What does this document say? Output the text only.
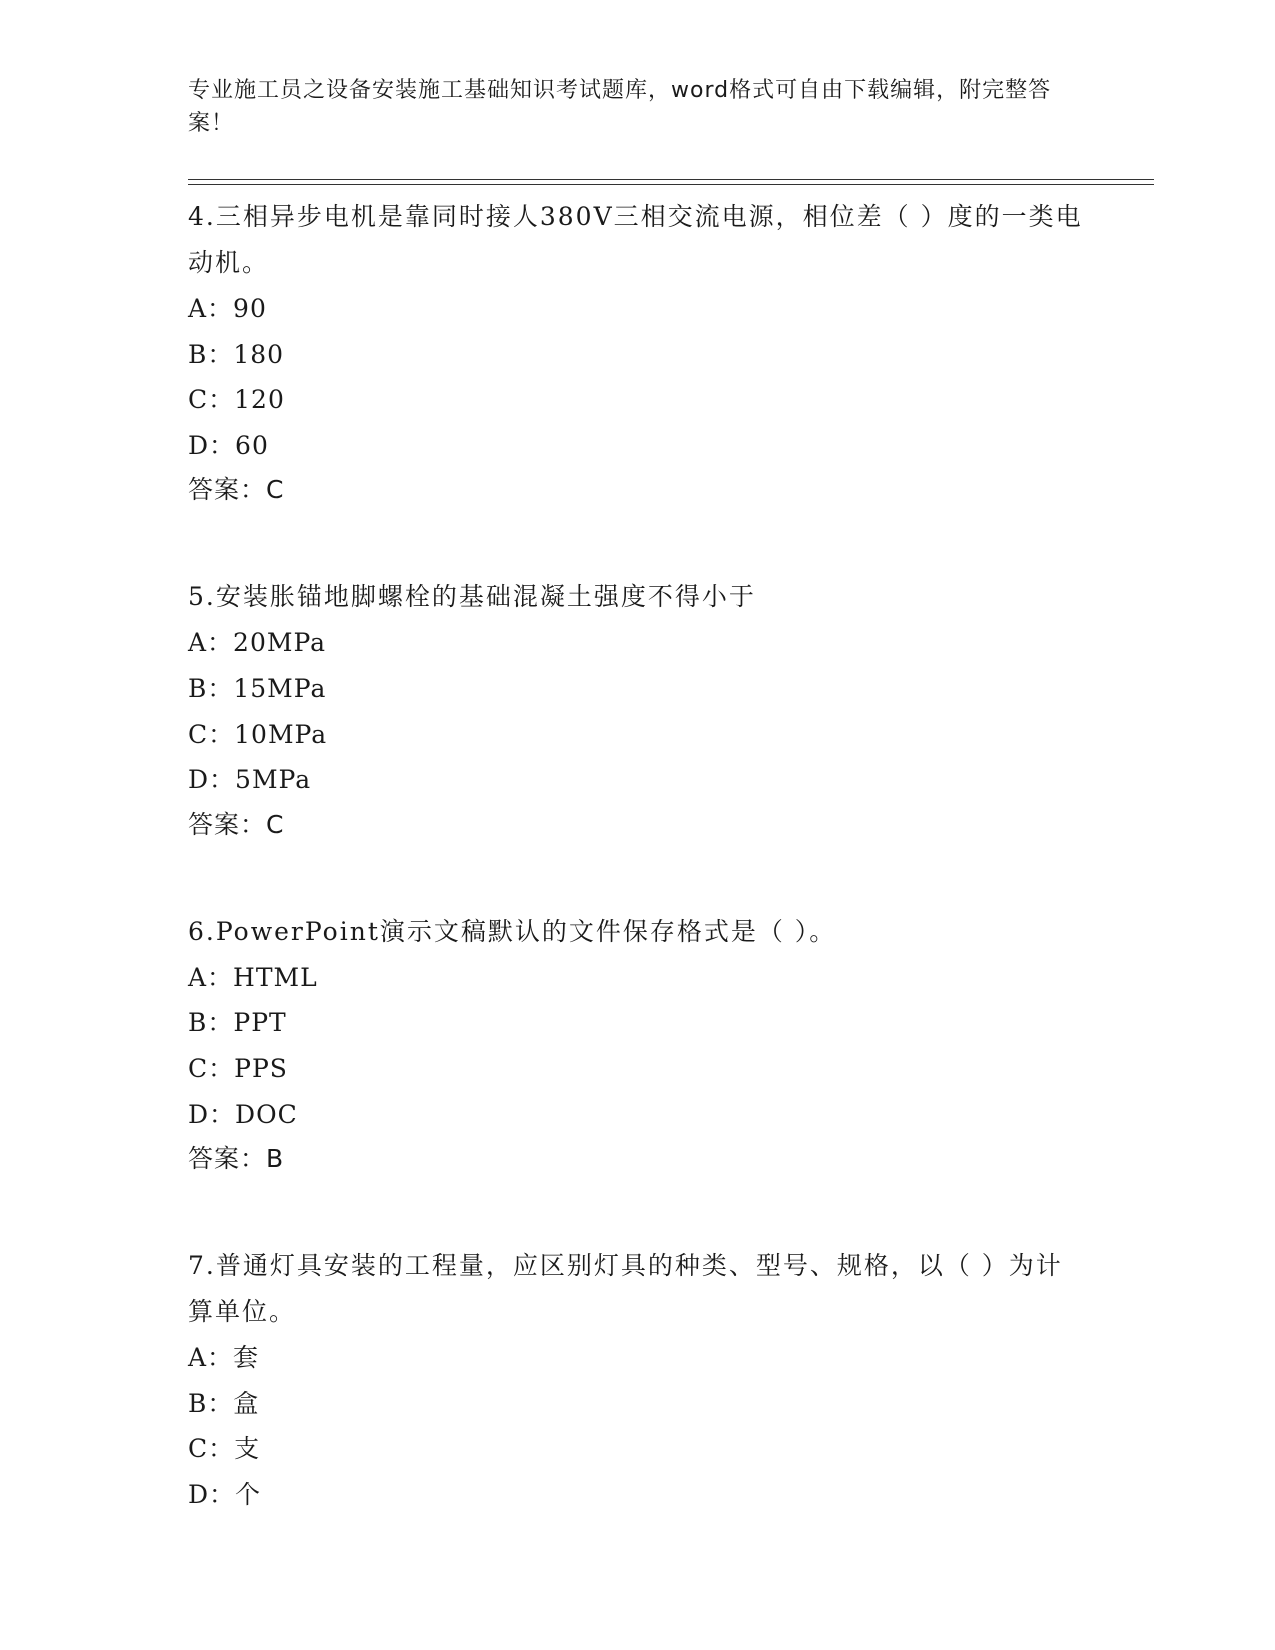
专业施工员之设备安装施工基础知识考试题库，word格式可自由下载编辑，附完整答案！
4.三相异步电机是靠同时接人380V三相交流电源，相位差（ ）度的一类电动机。
A：90
B：180
C：120
D：60
答案：C
5.安装胀锚地脚螺栓的基础混凝土强度不得小于
A：20MPa
B：15MPa
C：10MPa
D：5MPa
答案：C
6.PowerPoint演示文稿默认的文件保存格式是（ ）。
A：HTML
B：PPT
C：PPS
D：DOC
答案：B
7.普通灯具安装的工程量，应区别灯具的种类、型号、规格，以（ ）为计算单位。
A：套
B：盒
C：支
D：个
